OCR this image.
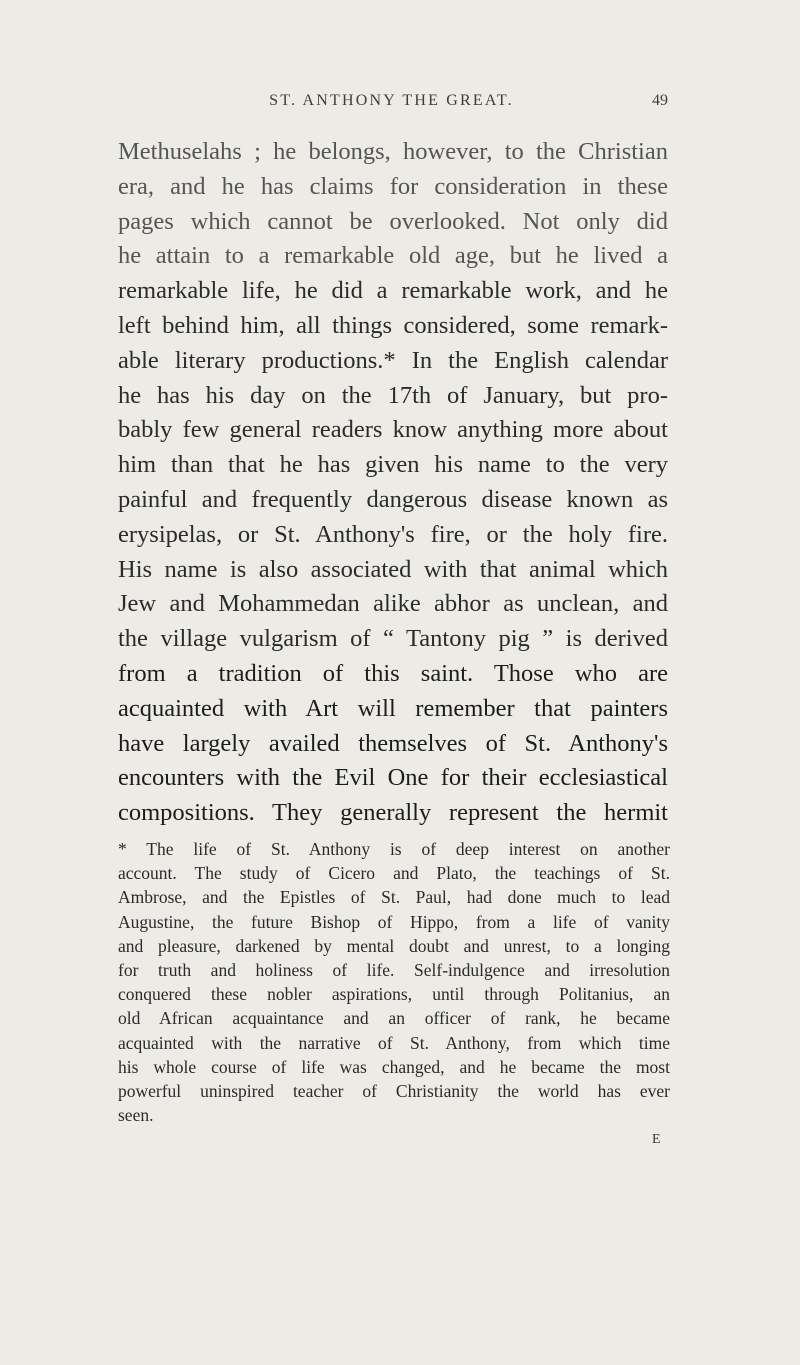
ST. ANTHONY THE GREAT.	49

Methuselahs ; he belongs, however, to the Christian
era, and he has claims for consideration in these
pages which cannot be overlooked. Not only did
he attain to a remarkable old age, but he lived a
remarkable life, he did a remarkable work, and he
left behind him, all things considered, some remark-
able literary productions.* In the English calendar
he has his day on the 17th of January, but pro-
bably few general readers know anything more about
him than that he has given his name to the very
painful and frequently dangerous disease known as
erysipelas, or St. Anthony's fire, or the holy fire.
His name is also associated with that animal which
Jew and Mohammedan alike abhor as unclean, and
the village vulgarism of “ Tantony pig ” is derived
from a tradition of this saint. Those who are
acquainted with Art will remember that painters
have largely availed themselves of St. Anthony's
encounters with the Evil One for their ecclesiastical
compositions. They generally represent the hermit

* The life of St. Anthony is of deep interest on another
account. The study of Cicero and Plato, the teachings of St.
Ambrose, and the Epistles of St. Paul, had done much to lead
Augustine, the future Bishop of Hippo, from a life of vanity
and pleasure, darkened by mental doubt and unrest, to a longing
for truth and holiness of life. Self-indulgence and irresolution
conquered these nobler aspirations, until through Politanius, an
old African acquaintance and an officer of rank, he became
acquainted with the narrative of St. Anthony, from which time
his whole course of life was changed, and he became the most
powerful uninspired teacher of Christianity the world has ever
seen.

E
